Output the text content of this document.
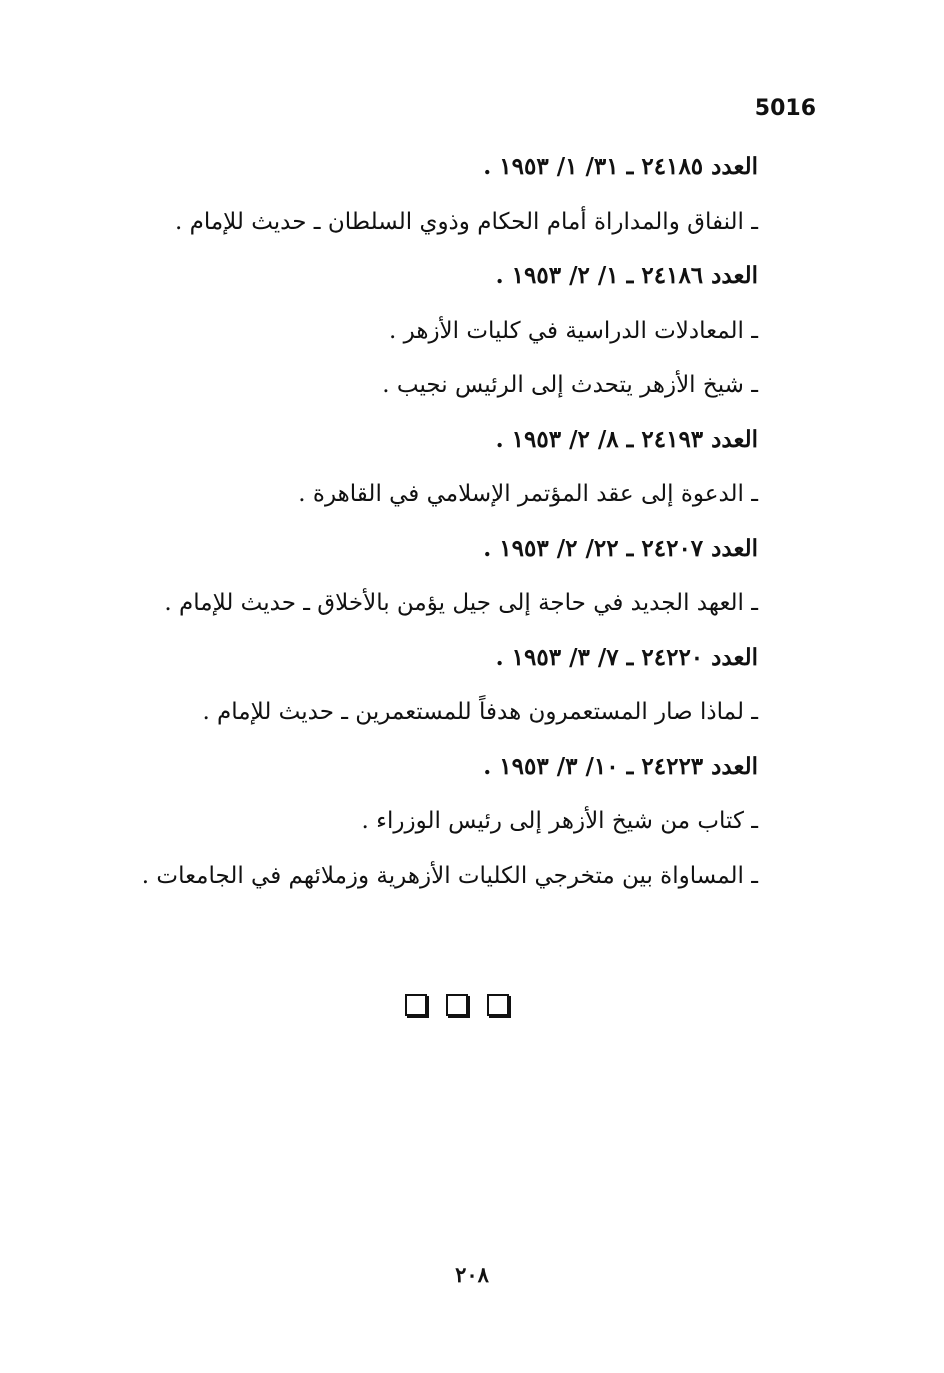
5016
العدد ٢٤١٨٥ ـ ٣١/ ١/ ١٩٥٣ .
ـ النفاق والمداراة أمام الحكام وذوي السلطان ـ حديث للإمام .
العدد ٢٤١٨٦ ـ ١/ ٢/ ١٩٥٣ .
ـ المعادلات الدراسية في كليات الأزهر .
ـ شيخ الأزهر يتحدث إلى الرئيس نجيب .
العدد ٢٤١٩٣ ـ ٨/ ٢/ ١٩٥٣ .
ـ الدعوة إلى عقد المؤتمر الإسلامي في القاهرة .
العدد ٢٤٢٠٧ ـ ٢٢/ ٢/ ١٩٥٣ .
ـ العهد الجديد في حاجة إلى جيل يؤمن بالأخلاق ـ حديث للإمام .
العدد ٢٤٢٢٠ ـ ٧/ ٣/ ١٩٥٣ .
ـ لماذا صار المستعمرون هدفاً للمستعمرين ـ حديث للإمام .
العدد ٢٤٢٢٣ ـ ١٠/ ٣/ ١٩٥٣ .
ـ كتاب من شيخ الأزهر إلى رئيس الوزراء .
ـ المساواة بين متخرجي الكليات الأزهرية وزملائهم في الجامعات .
٢٠٨
